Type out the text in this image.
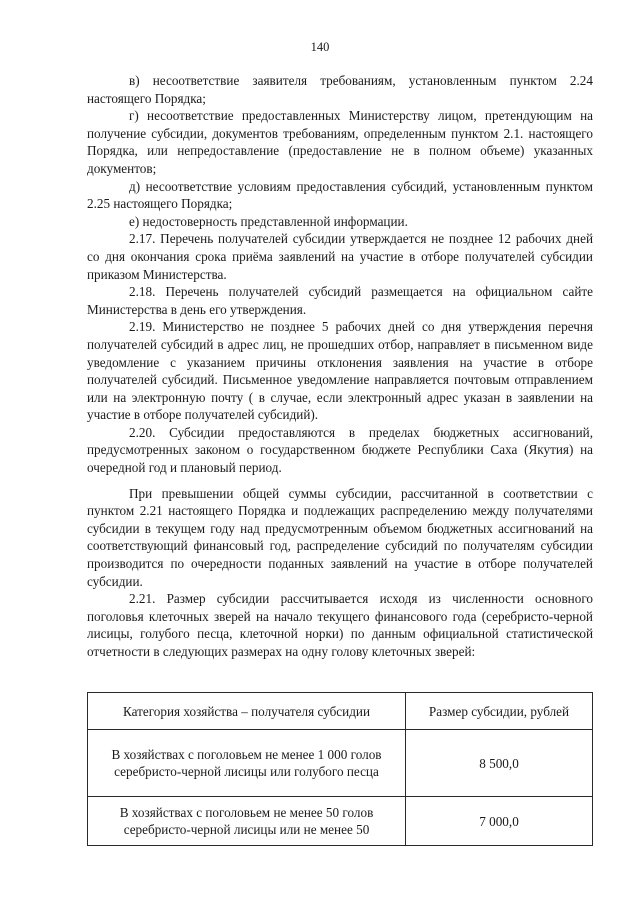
140

в) несоответствие заявителя требованиям, установленным пунктом 2.24 настоящего Порядка;

г) несоответствие предоставленных Министерству лицом, претендующим на получение субсидии, документов требованиям, определенным пунктом 2.1. настоящего Порядка, или непредоставление (предоставление не в полном объеме) указанных документов;

д) несоответствие условиям предоставления субсидий, установленным пунктом 2.25 настоящего Порядка;

е) недостоверность представленной информации.

2.17. Перечень получателей субсидии утверждается не позднее 12 рабочих дней со дня окончания срока приёма заявлений на участие в отборе получателей субсидии приказом Министерства.

2.18. Перечень получателей субсидий размещается на официальном сайте Министерства в день его утверждения.

2.19. Министерство не позднее 5 рабочих дней со дня утверждения перечня получателей субсидий в адрес лиц, не прошедших отбор, направляет в письменном виде уведомление с указанием причины отклонения заявления на участие в отборе получателей субсидий. Письменное уведомление направляется почтовым отправлением или на электронную почту ( в случае, если электронный адрес указан в заявлении на участие в отборе получателей субсидий).

2.20. Субсидии предоставляются в пределах бюджетных ассигнований, предусмотренных законом о государственном бюджете Республики Саха (Якутия) на очередной год и плановый период.

При превышении общей суммы субсидии, рассчитанной в соответствии с пунктом 2.21 настоящего Порядка и подлежащих распределению между получателями субсидии в текущем году над предусмотренным объемом бюджетных ассигнований на соответствующий финансовый год, распределение субсидий по получателям субсидии производится по очередности поданных заявлений на участие в отборе получателей субсидии.

2.21. Размер субсидии рассчитывается исходя из численности основного поголовья клеточных зверей на начало текущего финансового года (серебристо-черной лисицы, голубого песца, клеточной норки) по данным официальной статистической отчетности в следующих размерах на одну голову клеточных зверей:

Категория хозяйства – получателя субсидии	Размер субсидии, рублей
В хозяйствах с поголовьем не менее 1 000 голов серебристо-черной лисицы или голубого песца	8 500,0
В хозяйствах с поголовьем не менее 50 голов серебристо-черной лисицы или не менее 50	7 000,0
